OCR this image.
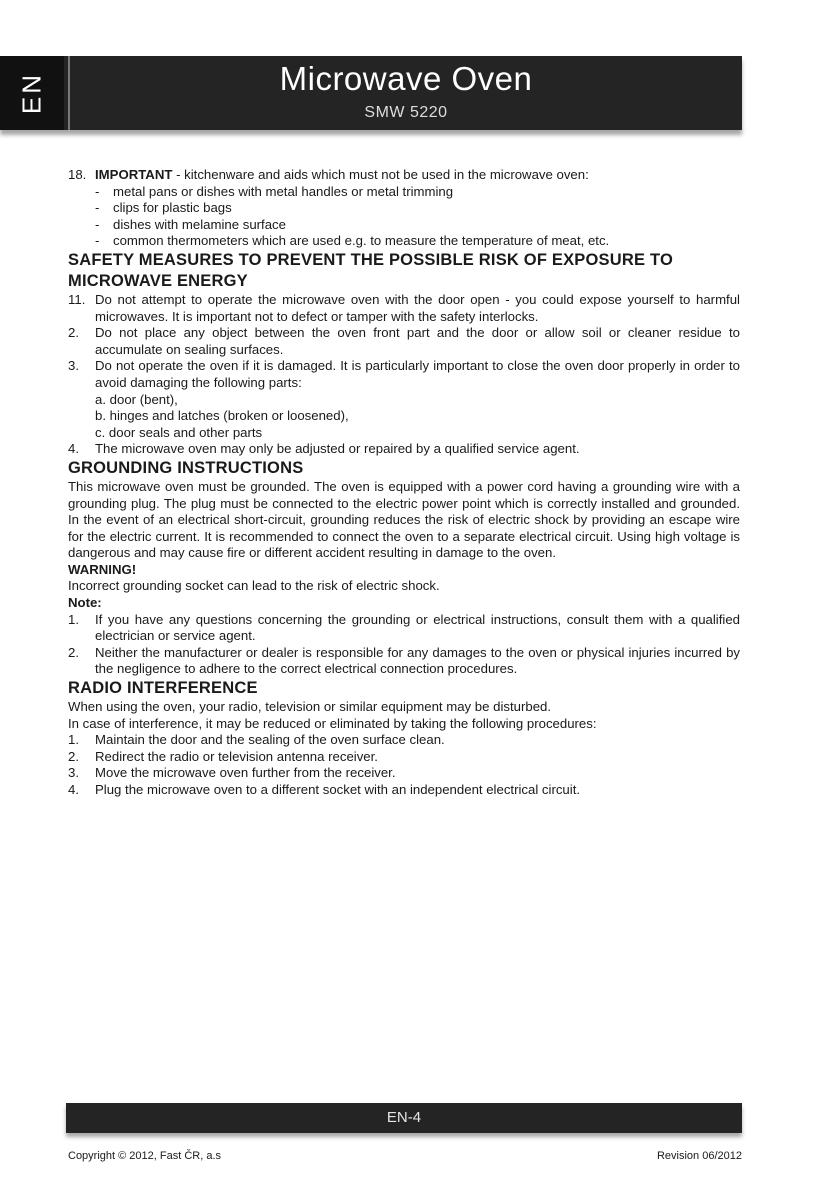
EN	Microwave Oven
SMW 5220
18. IMPORTANT - kitchenware and aids which must not be used in the microwave oven:
-	metal pans or dishes with metal handles or metal trimming
-	clips for plastic bags
-	dishes with melamine surface
-	common thermometers which are used e.g. to measure the temperature of meat, etc.
SAFETY MEASURES TO PREVENT THE POSSIBLE RISK OF EXPOSURE TO
MICROWAVE ENERGY
11. Do not attempt to operate the microwave oven with the door open - you could expose yourself to harmful microwaves. It is important not to defect or tamper with the safety interlocks.
2.	Do not place any object between the oven front part and the door or allow soil or cleaner residue to accumulate on sealing surfaces.
3.	Do not operate the oven if it is damaged. It is particularly important to close the oven door properly in order to avoid damaging the following parts:
a. door (bent),
b. hinges and latches (broken or loosened),
c. door seals and other parts
4.	The microwave oven may only be adjusted or repaired by a qualified service agent.
GROUNDING INSTRUCTIONS

This microwave oven must be grounded. The oven is equipped with a power cord having a grounding wire with a grounding plug. The plug must be connected to the electric power point which is correctly installed and grounded. In the event of an electrical short-circuit, grounding reduces the risk of electric shock by providing an escape wire for the electric current. It is recommended to connect the oven to a separate electrical circuit. Using high voltage is dangerous and may cause fire or different accident resulting in damage to the oven.

WARNING!

Incorrect grounding socket can lead to the risk of electric shock.

Note:

1.	If you have any questions concerning the grounding or electrical instructions, consult them with a qualified electrician or service agent.
2.	Neither the manufacturer or dealer is responsible for any damages to the oven or physical injuries incurred by the negligence to adhere to the correct electrical connection procedures.
RADIO INTERFERENCE

When using the oven, your radio, television or similar equipment may be disturbed.

In case of interference, it may be reduced or eliminated by taking the following procedures:

1.	Maintain the door and the sealing of the oven surface clean.
2.	Redirect the radio or television antenna receiver.
3.	Move the microwave oven further from the receiver.
4.	Plug the microwave oven to a different socket with an independent electrical circuit.
EN-4
Copyright © 2012, Fast ČR, a.s	Revision 06/2012
